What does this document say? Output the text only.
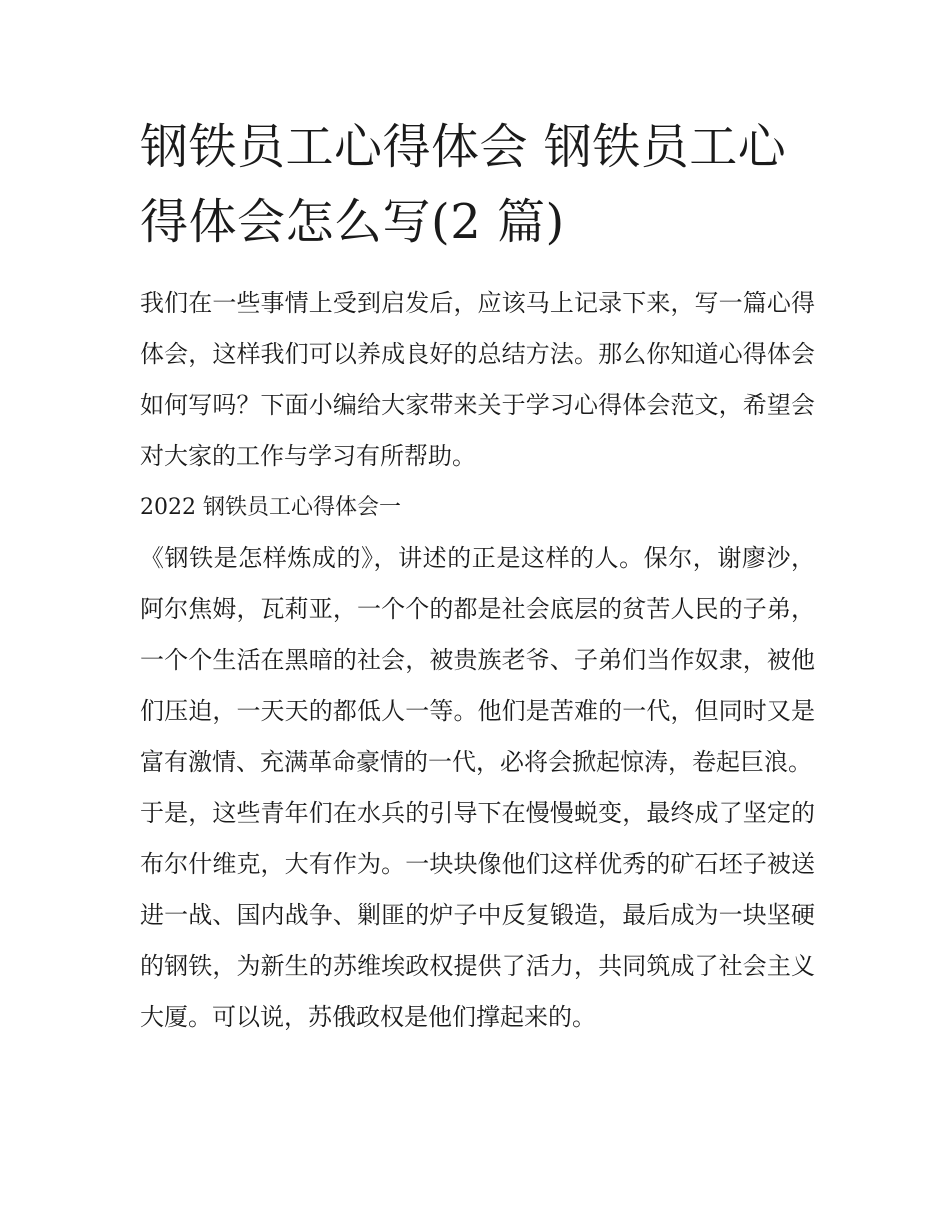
钢铁员工心得体会 钢铁员工心得体会怎么写(2 篇)

我们在一些事情上受到启发后，应该马上记录下来，写一篇心得体会，这样我们可以养成良好的总结方法。那么你知道心得体会如何写吗？下面小编给大家带来关于学习心得体会范文，希望会对大家的工作与学习有所帮助。

2022 钢铁员工心得体会一

《钢铁是怎样炼成的》，讲述的正是这样的人。保尔，谢廖沙，阿尔焦姆，瓦莉亚，一个个的都是社会底层的贫苦人民的子弟，一个个生活在黑暗的社会，被贵族老爷、子弟们当作奴隶，被他们压迫，一天天的都低人一等。他们是苦难的一代，但同时又是富有激情、充满革命豪情的一代，必将会掀起惊涛，卷起巨浪。

于是，这些青年们在水兵的引导下在慢慢蜕变，最终成了坚定的布尔什维克，大有作为。一块块像他们这样优秀的矿石坯子被送进一战、国内战争、剿匪的炉子中反复锻造，最后成为一块坚硬的钢铁，为新生的苏维埃政权提供了活力，共同筑成了社会主义大厦。可以说，苏俄政权是他们撑起来的。
